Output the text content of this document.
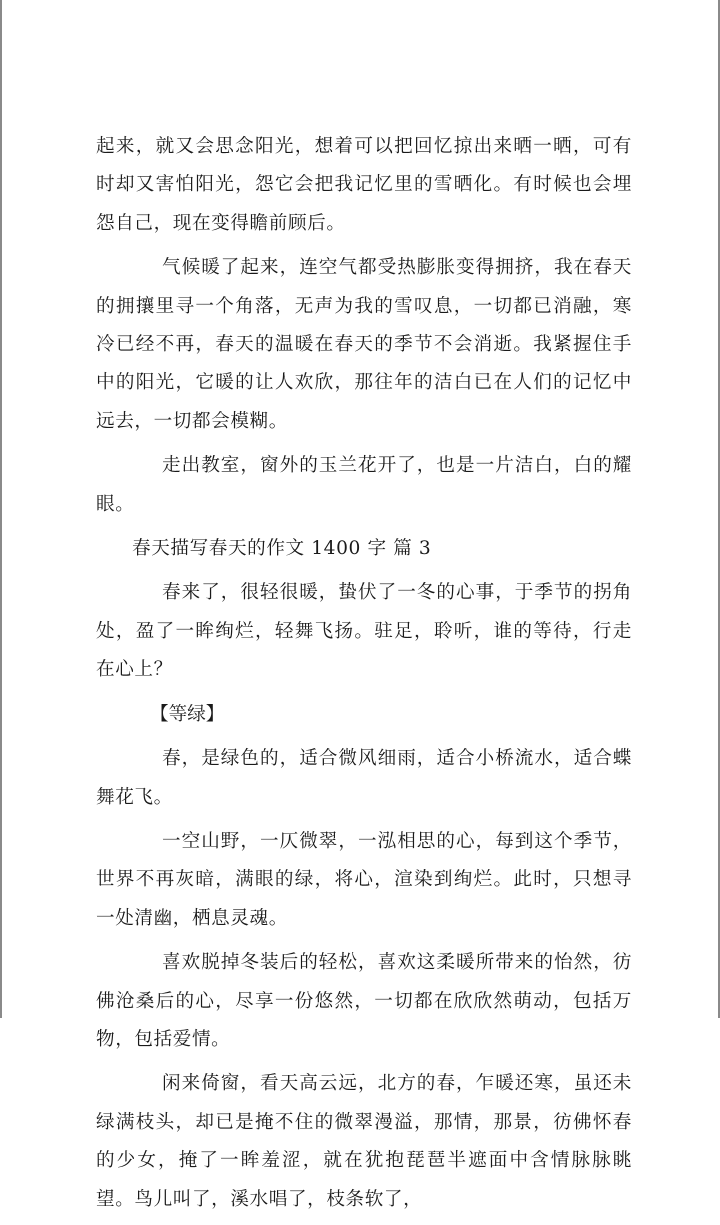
起来，就又会思念阳光，想着可以把回忆掠出来晒一晒，可有时却又害怕阳光，怨它会把我记忆里的雪晒化。有时候也会埋怨自己，现在变得瞻前顾后。

气候暖了起来，连空气都受热膨胀变得拥挤，我在春天的拥攘里寻一个角落，无声为我的雪叹息，一切都已消融，寒冷已经不再，春天的温暖在春天的季节不会消逝。我紧握住手中的阳光，它暖的让人欢欣，那往年的洁白已在人们的记忆中远去，一切都会模糊。

走出教室，窗外的玉兰花开了，也是一片洁白，白的耀眼。

春天描写春天的作文 1400 字 篇 3

春来了，很轻很暖，蛰伏了一冬的心事，于季节的拐角处，盈了一眸绚烂，轻舞飞扬。驻足，聆听，谁的等待，行走在心上？

【等绿】

春，是绿色的，适合微风细雨，适合小桥流水，适合蝶舞花飞。

一空山野，一仄微翠，一泓相思的心，每到这个季节，世界不再灰暗，满眼的绿，将心，渲染到绚烂。此时，只想寻一处清幽，栖息灵魂。

喜欢脱掉冬装后的轻松，喜欢这柔暖所带来的怡然，彷佛沧桑后的心，尽享一份悠然，一切都在欣欣然萌动，包括万物，包括爱情。

闲来倚窗，看天高云远，北方的春，乍暖还寒，虽还未绿满枝头，却已是掩不住的微翠漫溢，那情，那景，彷佛怀春的少女，掩了一眸羞涩，就在犹抱琵琶半遮面中含情脉脉眺望。鸟儿叫了，溪水唱了，枝条软了，
